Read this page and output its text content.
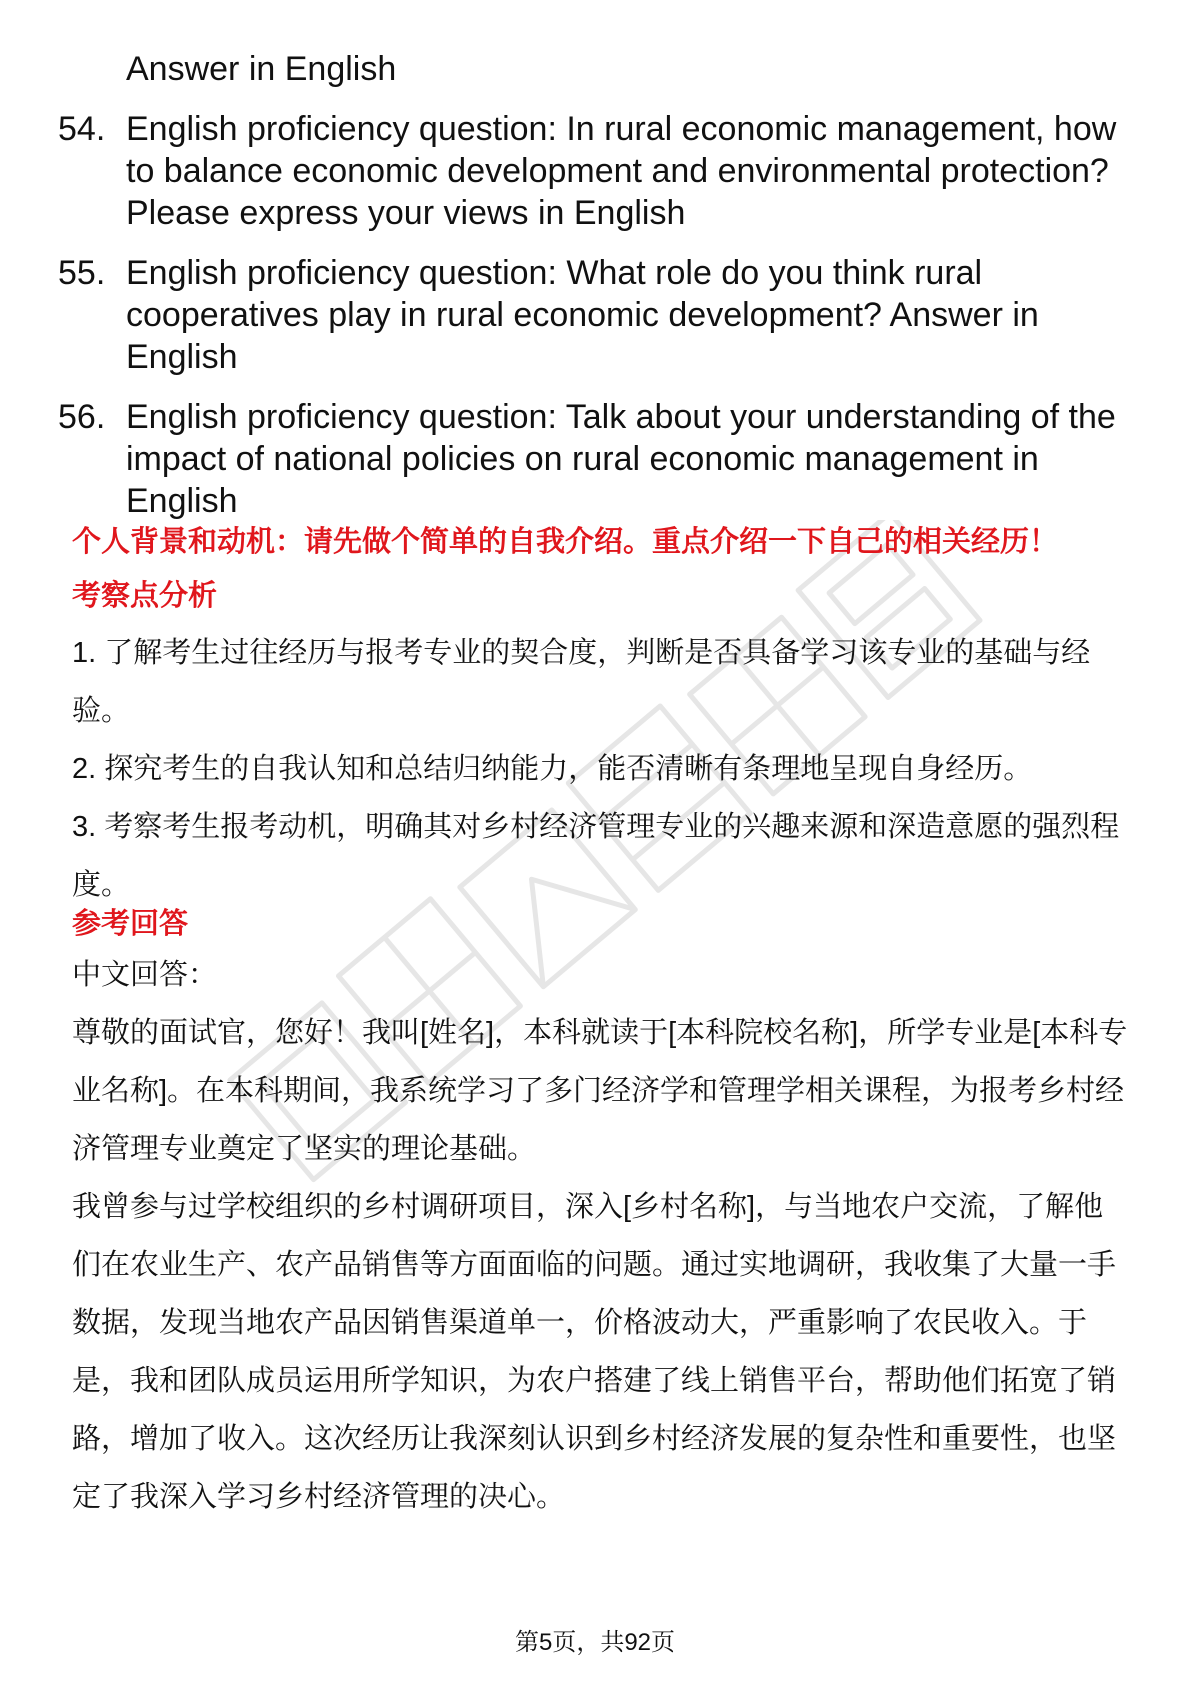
Answer in English
54. English proficiency question: In rural economic management, how to balance economic development and environmental protection? Please express your views in English
55. English proficiency question: What role do you think rural cooperatives play in rural economic development? Answer in English
56. English proficiency question: Talk about your understanding of the impact of national policies on rural economic management in English
个人背景和动机：请先做个简单的自我介绍。重点介绍一下自己的相关经历！
考察点分析
1. 了解考生过往经历与报考专业的契合度，判断是否具备学习该专业的基础与经验。
2. 探究考生的自我认知和总结归纳能力，能否清晰有条理地呈现自身经历。
3. 考察考生报考动机，明确其对乡村经济管理专业的兴趣来源和深造意愿的强烈程度。
参考回答
中文回答：
尊敬的面试官，您好！我叫[姓名]，本科就读于[本科院校名称]，所学专业是[本科专业名称]。在本科期间，我系统学习了多门经济学和管理学相关课程，为报考乡村经济管理专业奠定了坚实的理论基础。
我曾参与过学校组织的乡村调研项目，深入[乡村名称]，与当地农户交流，了解他们在农业生产、农产品销售等方面面临的问题。通过实地调研，我收集了大量一手数据，发现当地农产品因销售渠道单一，价格波动大，严重影响了农民收入。于是，我和团队成员运用所学知识，为农户搭建了线上销售平台，帮助他们拓宽了销路，增加了收入。这次经历让我深刻认识到乡村经济发展的复杂性和重要性，也坚定了我深入学习乡村经济管理的决心。
第5页，共92页
